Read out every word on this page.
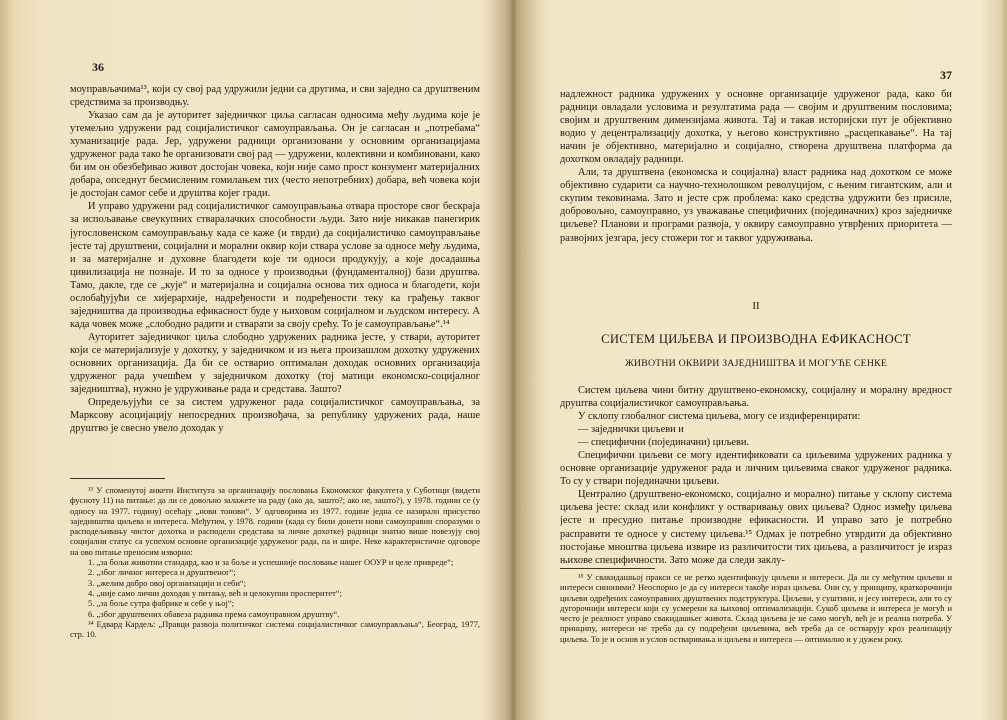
36

моуправљачима¹³, који су свој рад удружили једни са другима, и сви заједно са друштвеним средствима за производњу.

Указао сам да је ауторитет заједничког циља сагласан односима међу људима које је утемељио удружени рад социјалистичког самоуправљања. Он је сагласан и „потребама“ хуманизације рада. Јер, удружени радници организовани у основним организацијама удруженог рада тако ће организовати свој рад — удружени, колективни и комбиновани, како би им он обезбеђивао живот достојан човека, који није само прост конзумент материјалних добара, опседнут бесмисленим гомилањем тих (често непотребних) добара, већ човека који је достојан самог себе и друштва којег гради.

И управо удружени рад социјалистичког самоуправљања отвара просторе свог бескраја за испољавање свеукупних стваралачких способности људи. Зато није никакав панегирик југословенском самоуправљању када се каже (и тврди) да социјалистичко самоуправљање јесте тај друштвени, социјални и морални оквир који ствара услове за односе међу људима, и за материјалне и духовне благодети које ти односи продукују, а које досадашња цивилизација не познаје. И то за односе у производњи (фундаменталној) бази друштва. Тамо, дакле, где се „кује“ и материјална и социјална основа тих односа и благодети, који ослобађујући се хијерархије, надређености и подређености теку ка грађењу таквог заједништва да производња ефикасност буде у њиховом социјалном и људском интересу. А када човек може „слободно радити и стварати за своју срећу. То је самоуправљање“.¹⁴

Ауторитет заједничког циља слободно удружених радника јесте, у ствари, ауторитет који се материјализује у дохотку, у заједничком и из њега произашлом дохотку удружених основних организација. Да би се остварио оптималан доходак основних организација удруженог рада учешћем у заједничком дохотку (тој матици економско-социјалног заједништва), нужно је удруживање рада и средстава. Зашто?

Опредељујући се за систем удруженог рада социјалистичког самоуправљања, за Марксову асоцијацију непосредних произвођача, за републику удружених рада, наше друштво је свесно увело доходак у

¹³ У споменутој анкети Института за организацију пословања Економског факултета у Суботици (видети фусноту 11) на питање: да ли се довољно залажете на раду (ако да, зашто?; ако не, зашто?), у 1978. години се (у односу на 1977. годину) осећају „нови тонови“. У одговорима из 1977. године једна се назирало присуство заједништва циљева и интереса. Међутим, у 1978. години (када су били донети нови самоуправни споразуми о расподељивању чистог дохотка и расподели средстава за личне дохотке) радници знатно више повезују свој социјални статус са успехом основне организације удруженог рада, па и шире. Неке карактеристичне одговоре на ово питање преносим изворно:

1. „за бољи животни стандард, као и за боље и успешније пословање нашег ООУР и целе привреде“;

2. „због личног интереса и друштвеног“;

3. „желим добро овој организацији и себи“;

4. „није само лични доходак у питању, већ и целокупни просперитет“;

5. „за боље сутра фабрике и себе у њој“;

6. „због друштвених обавеза радника према самоуправном друштву“.

¹⁴ Едвард Кардељ: „Правци развоја политичког система социјалистичког самоуправљања“, Београд, 1977, стр. 10.

37

надлежност радника удружених у основне организације удруженог рада, како би радници овладали условима и резултатима рада — својим и друштвеним пословима; својим и друштвеним димензијама живота. Тај и такав историјски пут је објективно водио у децентрализацију дохотка, у његово конструктивно „расцепкавање“. На тај начин је објективно, материјално и социјално, створена друштвена платформа да дохотком овладају радници.

Али, та друштвена (економска и социјална) власт радника над дохотком се може објективно сударити са научно-технолошком револуцијом, с њеним гигантским, али и скупим тековинама. Зато и јесте срж проблема: како средства удружити без присиле, добровољно, самоуправно, уз уважавање специфичних (појединачних) кроз заједничке циљеве? Планови и програми развоја, у оквиру самоуправно утврђених приоритета — развојних језгара, јесу стожери тог и таквог удруживања.

II
СИСТЕМ ЦИЉЕВА И ПРОИЗВОДНА ЕФИКАСНОСТ
ЖИВОТНИ ОКВИРИ ЗАЈЕДНИШТВА И МОГУЋЕ СЕНКЕ

Систем циљева чини битну друштвено-економску, социјалну и моралну вредност друштва социјалистичког самоуправљања.

У склопу глобалног система циљева, могу се издиференцирати:

— заједнички циљеви и

— специфични (појединачни) циљеви.

Специфични циљеви се могу идентификовати са циљевима удружених радника у основне организације удруженог рада и личним циљевима сваког удруженог радника. То су у ствари појединачни циљеви.

Централно (друштвено-економско, социјално и морално) питање у склопу система циљева јесте: склад или конфликт у остваривању ових циљева? Однос између циљева јесте и пресудно питање производне ефикасности. И управо зато је потребно расправити те односе у систему циљева.¹⁵ Одмах је потребно утврдити да објективно постојање мноштва циљева извире из различитости тих циљева, а различитост је израз њихове специфичности. Зато може да следи заклу-

¹⁵ У свакидашњој пракси се не ретко идентификују циљеви и интереси. Да ли су међутим циљеви и интереси синоними? Неоспорно је да су интереси такође израз циљева. Они су, у принципу, краткорочнији циљеви одређених самоуправних друштвених подструктура. Циљеви, у суштини, и јесу интереси, али то су дугорочнији интереси који су усмерени ка њиховој оптимализацији. Сукоб циљева и интереса је могућ и често је реалност управо свакидашњег живота. Склад циљева је не само могућ, већ је и реална потреба. У принципу, интереси не треба да су подређени циљевима, већ треба да се остварују кроз реализацију циљева. То је и основ и услов остваривања и циљева и интереса — оптимално и у дужем року.
